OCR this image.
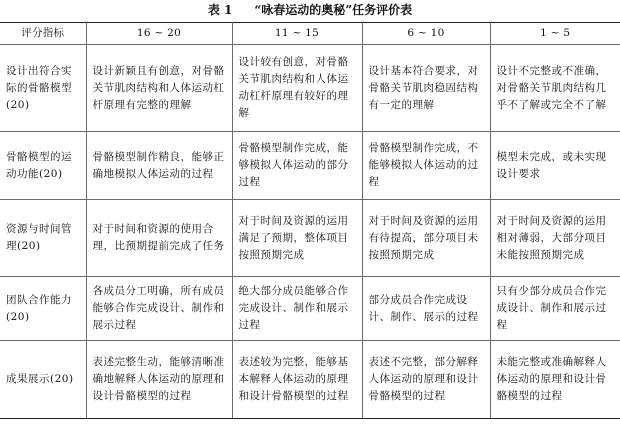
表 1 “咏春运动的奥秘”任务评价表
评分指标	16 ~ 20	11 ~ 15	6 ~ 10	1 ~ 5
设计出符合实际的骨骼模型(20)	设计新颖且有创意，对骨骼关节肌肉结构和人体运动杠杆原理有完整的理解	设计较有创意，对骨骼关节肌肉结构和人体运动杠杆原理有较好的理解	设计基本符合要求，对骨骼关节肌肉稳固结构有一定的理解	设计不完整或不准确，对骨骼关节肌肉结构几乎不了解或完全不了解
骨骼模型的运动功能(20)	骨骼模型制作精良，能够正确地模拟人体运动的过程	骨骼模型制作完成，能够模拟人体运动的部分过程	骨骼模型制作完成，不能够模拟人体运动的过程	模型未完成，或未实现设计要求
资源与时间管理(20)	对于时间和资源的使用合理，比预期提前完成了任务	对于时间及资源的运用满足了预期，整体项目按照预期完成	对于时间及资源的运用有待提高，部分项目未按照预期完成	对于时间及资源的运用相对薄弱，大部分项目未能按照预期完成
团队合作能力(20)	各成员分工明确，所有成员能够合作完成设计、制作和展示过程	绝大部分成员能够合作完成设计、制作和展示过程	部分成员合作完成设计、制作、展示的过程	只有少部分成员合作完成设计、制作和展示过程
成果展示(20)	表述完整生动，能够清晰准确地解释人体运动的原理和设计骨骼模型的过程	表述较为完整，能够基本解释人体运动的原理和设计骨骼模型的过程	表述不完整，部分解释人体运动的原理和设计骨骼模型的过程	未能完整或准确解释人体运动的原理和设计骨骼模型的过程
